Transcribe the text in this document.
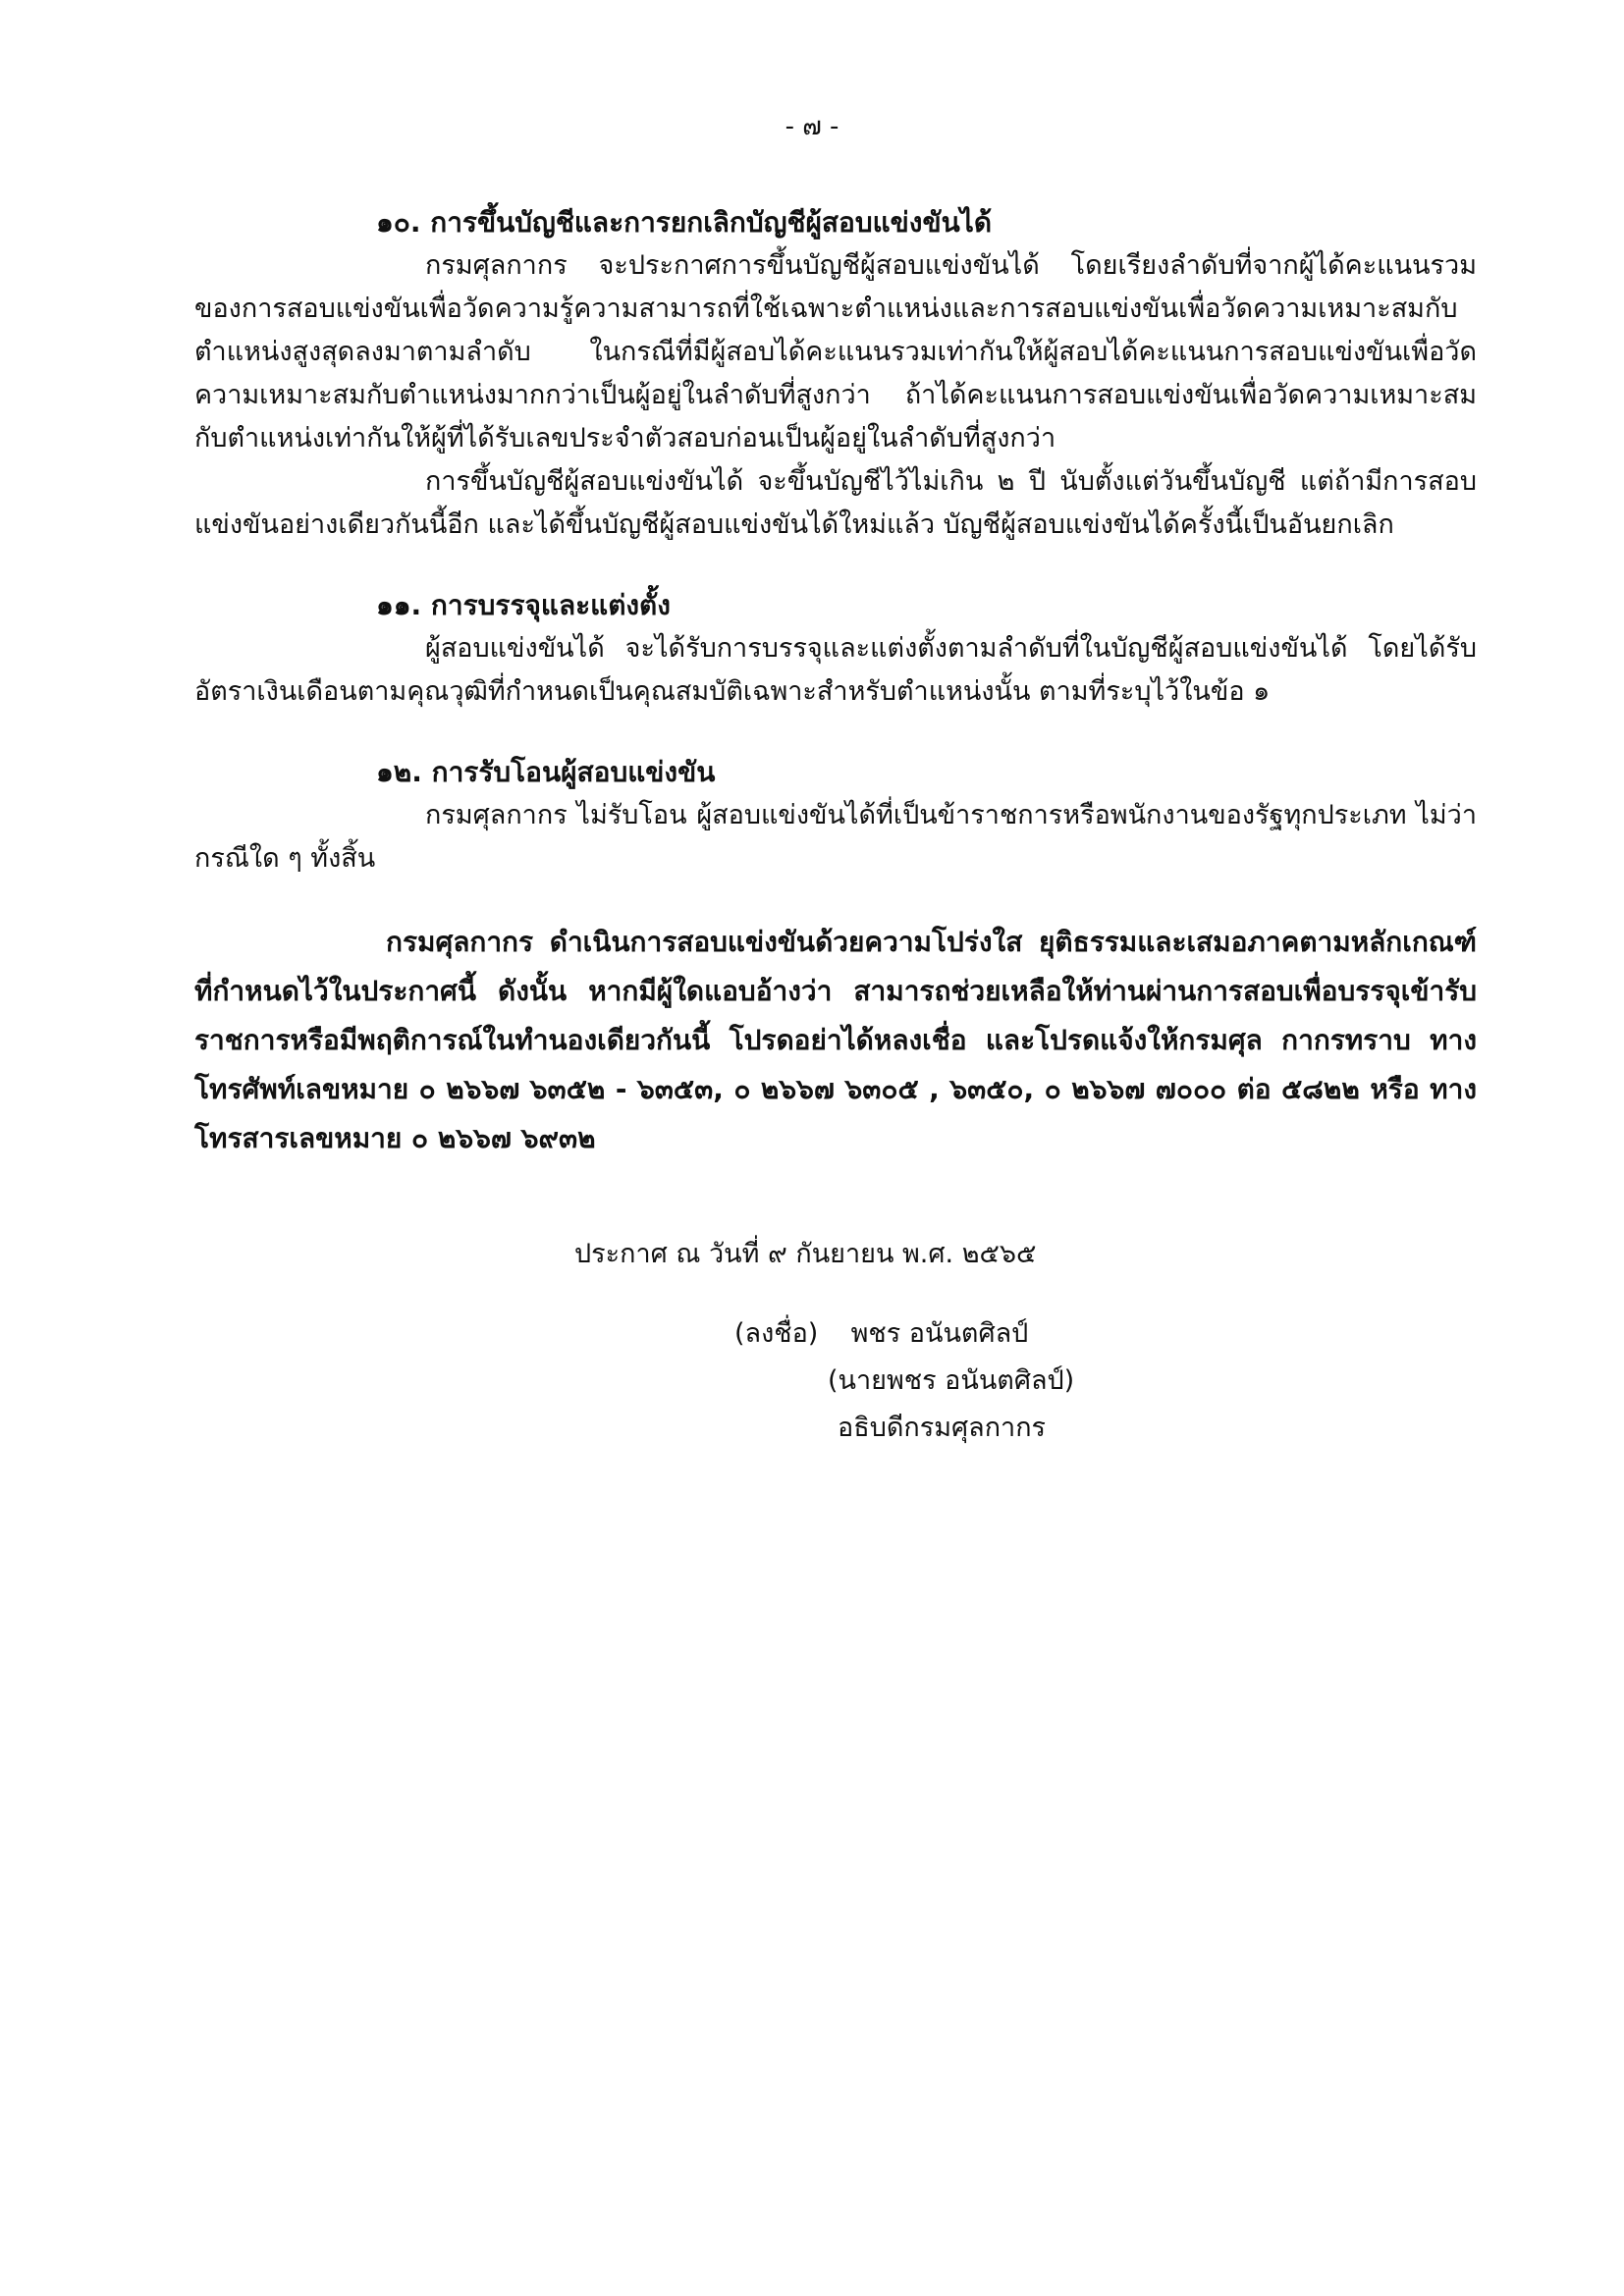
- ๗ -
๑๐. การขึ้นบัญชีและการยกเลิกบัญชีผู้สอบแข่งขันได้

กรมศุลกากร จะประกาศการขึ้นบัญชีผู้สอบแข่งขันได้ โดยเรียงลำดับที่จากผู้ได้คะแนนรวมของการสอบแข่งขันเพื่อวัดความรู้ความสามารถที่ใช้เฉพาะตำแหน่งและการสอบแข่งขันเพื่อวัดความเหมาะสมกับตำแหน่งสูงสุดลงมาตามลำดับ ในกรณีที่มีผู้สอบได้คะแนนรวมเท่ากันให้ผู้สอบได้คะแนนการสอบแข่งขันเพื่อวัดความเหมาะสมกับตำแหน่งมากกว่าเป็นผู้อยู่ในลำดับที่สูงกว่า ถ้าได้คะแนนการสอบแข่งขันเพื่อวัดความเหมาะสมกับตำแหน่งเท่ากันให้ผู้ที่ได้รับเลขประจำตัวสอบก่อนเป็นผู้อยู่ในลำดับที่สูงกว่า

การขึ้นบัญชีผู้สอบแข่งขันได้ จะขึ้นบัญชีไว้ไม่เกิน ๒ ปี นับตั้งแต่วันขึ้นบัญชี แต่ถ้ามีการสอบแข่งขันอย่างเดียวกันนี้อีก และได้ขึ้นบัญชีผู้สอบแข่งขันได้ใหม่แล้ว บัญชีผู้สอบแข่งขันได้ครั้งนี้เป็นอันยกเลิก

๑๑. การบรรจุและแต่งตั้ง

ผู้สอบแข่งขันได้ จะได้รับการบรรจุและแต่งตั้งตามลำดับที่ในบัญชีผู้สอบแข่งขันได้ โดยได้รับอัตราเงินเดือนตามคุณวุฒิที่กำหนดเป็นคุณสมบัติเฉพาะสำหรับตำแหน่งนั้น ตามที่ระบุไว้ในข้อ ๑

๑๒. การรับโอนผู้สอบแข่งขัน

กรมศุลกากร ไม่รับโอน ผู้สอบแข่งขันได้ที่เป็นข้าราชการหรือพนักงานของรัฐทุกประเภท ไม่ว่ากรณีใด ๆ ทั้งสิ้น

กรมศุลกากร ดำเนินการสอบแข่งขันด้วยความโปร่งใส ยุติธรรมและเสมอภาคตามหลักเกณฑ์ที่กำหนดไว้ในประกาศนี้ ดังนั้น หากมีผู้ใดแอบอ้างว่า สามารถช่วยเหลือให้ท่านผ่านการสอบเพื่อบรรจุเข้ารับราชการหรือมีพฤติการณ์ในทำนองเดียวกันนี้ โปรดอย่าได้หลงเชื่อ และโปรดแจ้งให้กรมศุล กากรทราบ ทางโทรศัพท์เลขหมาย ๐ ๒๖๖๗ ๖๓๕๒ - ๖๓๕๓, ๐ ๒๖๖๗ ๖๓๐๕ , ๖๓๕๐, ๐ ๒๖๖๗ ๗๐๐๐ ต่อ ๕๘๒๒ หรือ ทางโทรสารเลขหมาย ๐ ๒๖๖๗ ๖๙๓๒

ประกาศ ณ วันที่ ๙ กันยายน พ.ศ. ๒๕๖๕
(ลงชื่อ) พชร อนันตศิลป์
(นายพชร อนันตศิลป์)
อธิบดีกรมศุลกากร
